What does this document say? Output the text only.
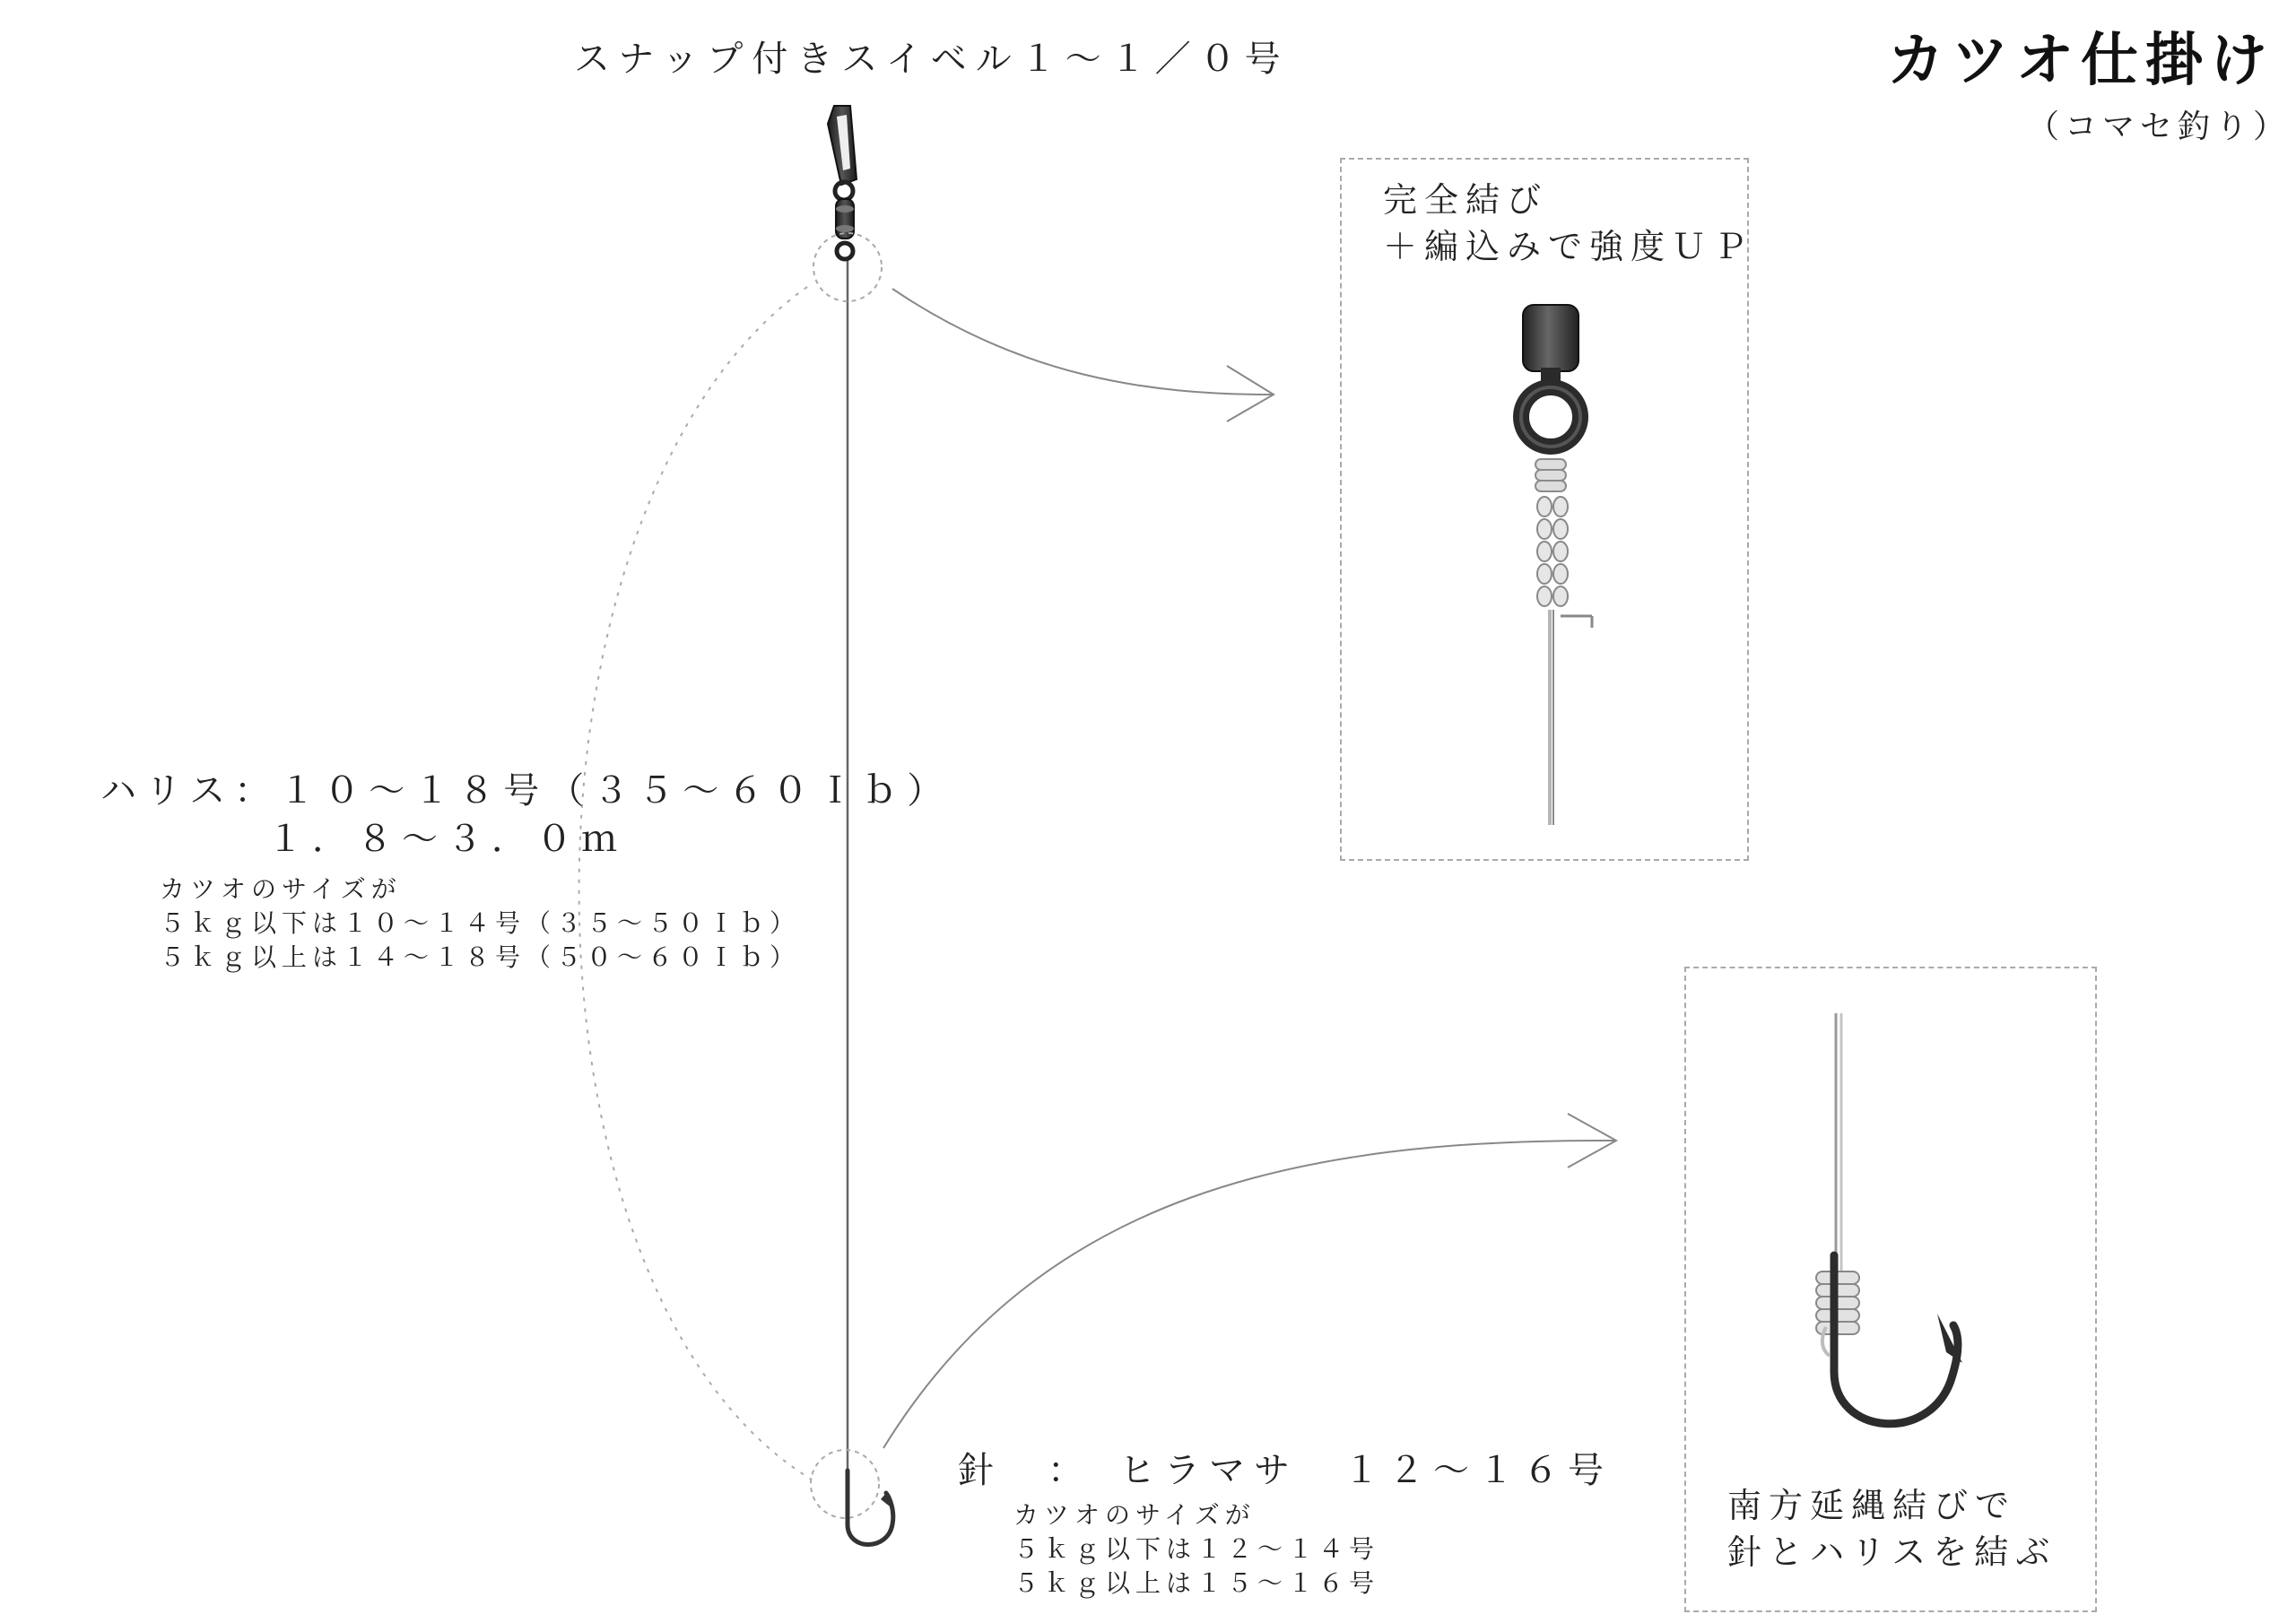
カツオ仕掛け
（コマセ釣り）
スナップ付きスイベル１～１／０号
ハリス：１０～１８号（３５～６０Ｉｂ）
１．８～３．０ｍ
カツオのサイズが
５ｋｇ以下は１０～１４号（３５～５０Ｉｂ）
５ｋｇ以上は１４～１８号（５０～６０Ｉｂ）
針　：　ヒラマサ　１２～１６号
カツオのサイズが
５ｋｇ以下は１２～１４号
５ｋｇ以上は１５～１６号
完全結び
＋編込みで強度ＵＰ
南方延縄結びで
針とハリスを結ぶ
